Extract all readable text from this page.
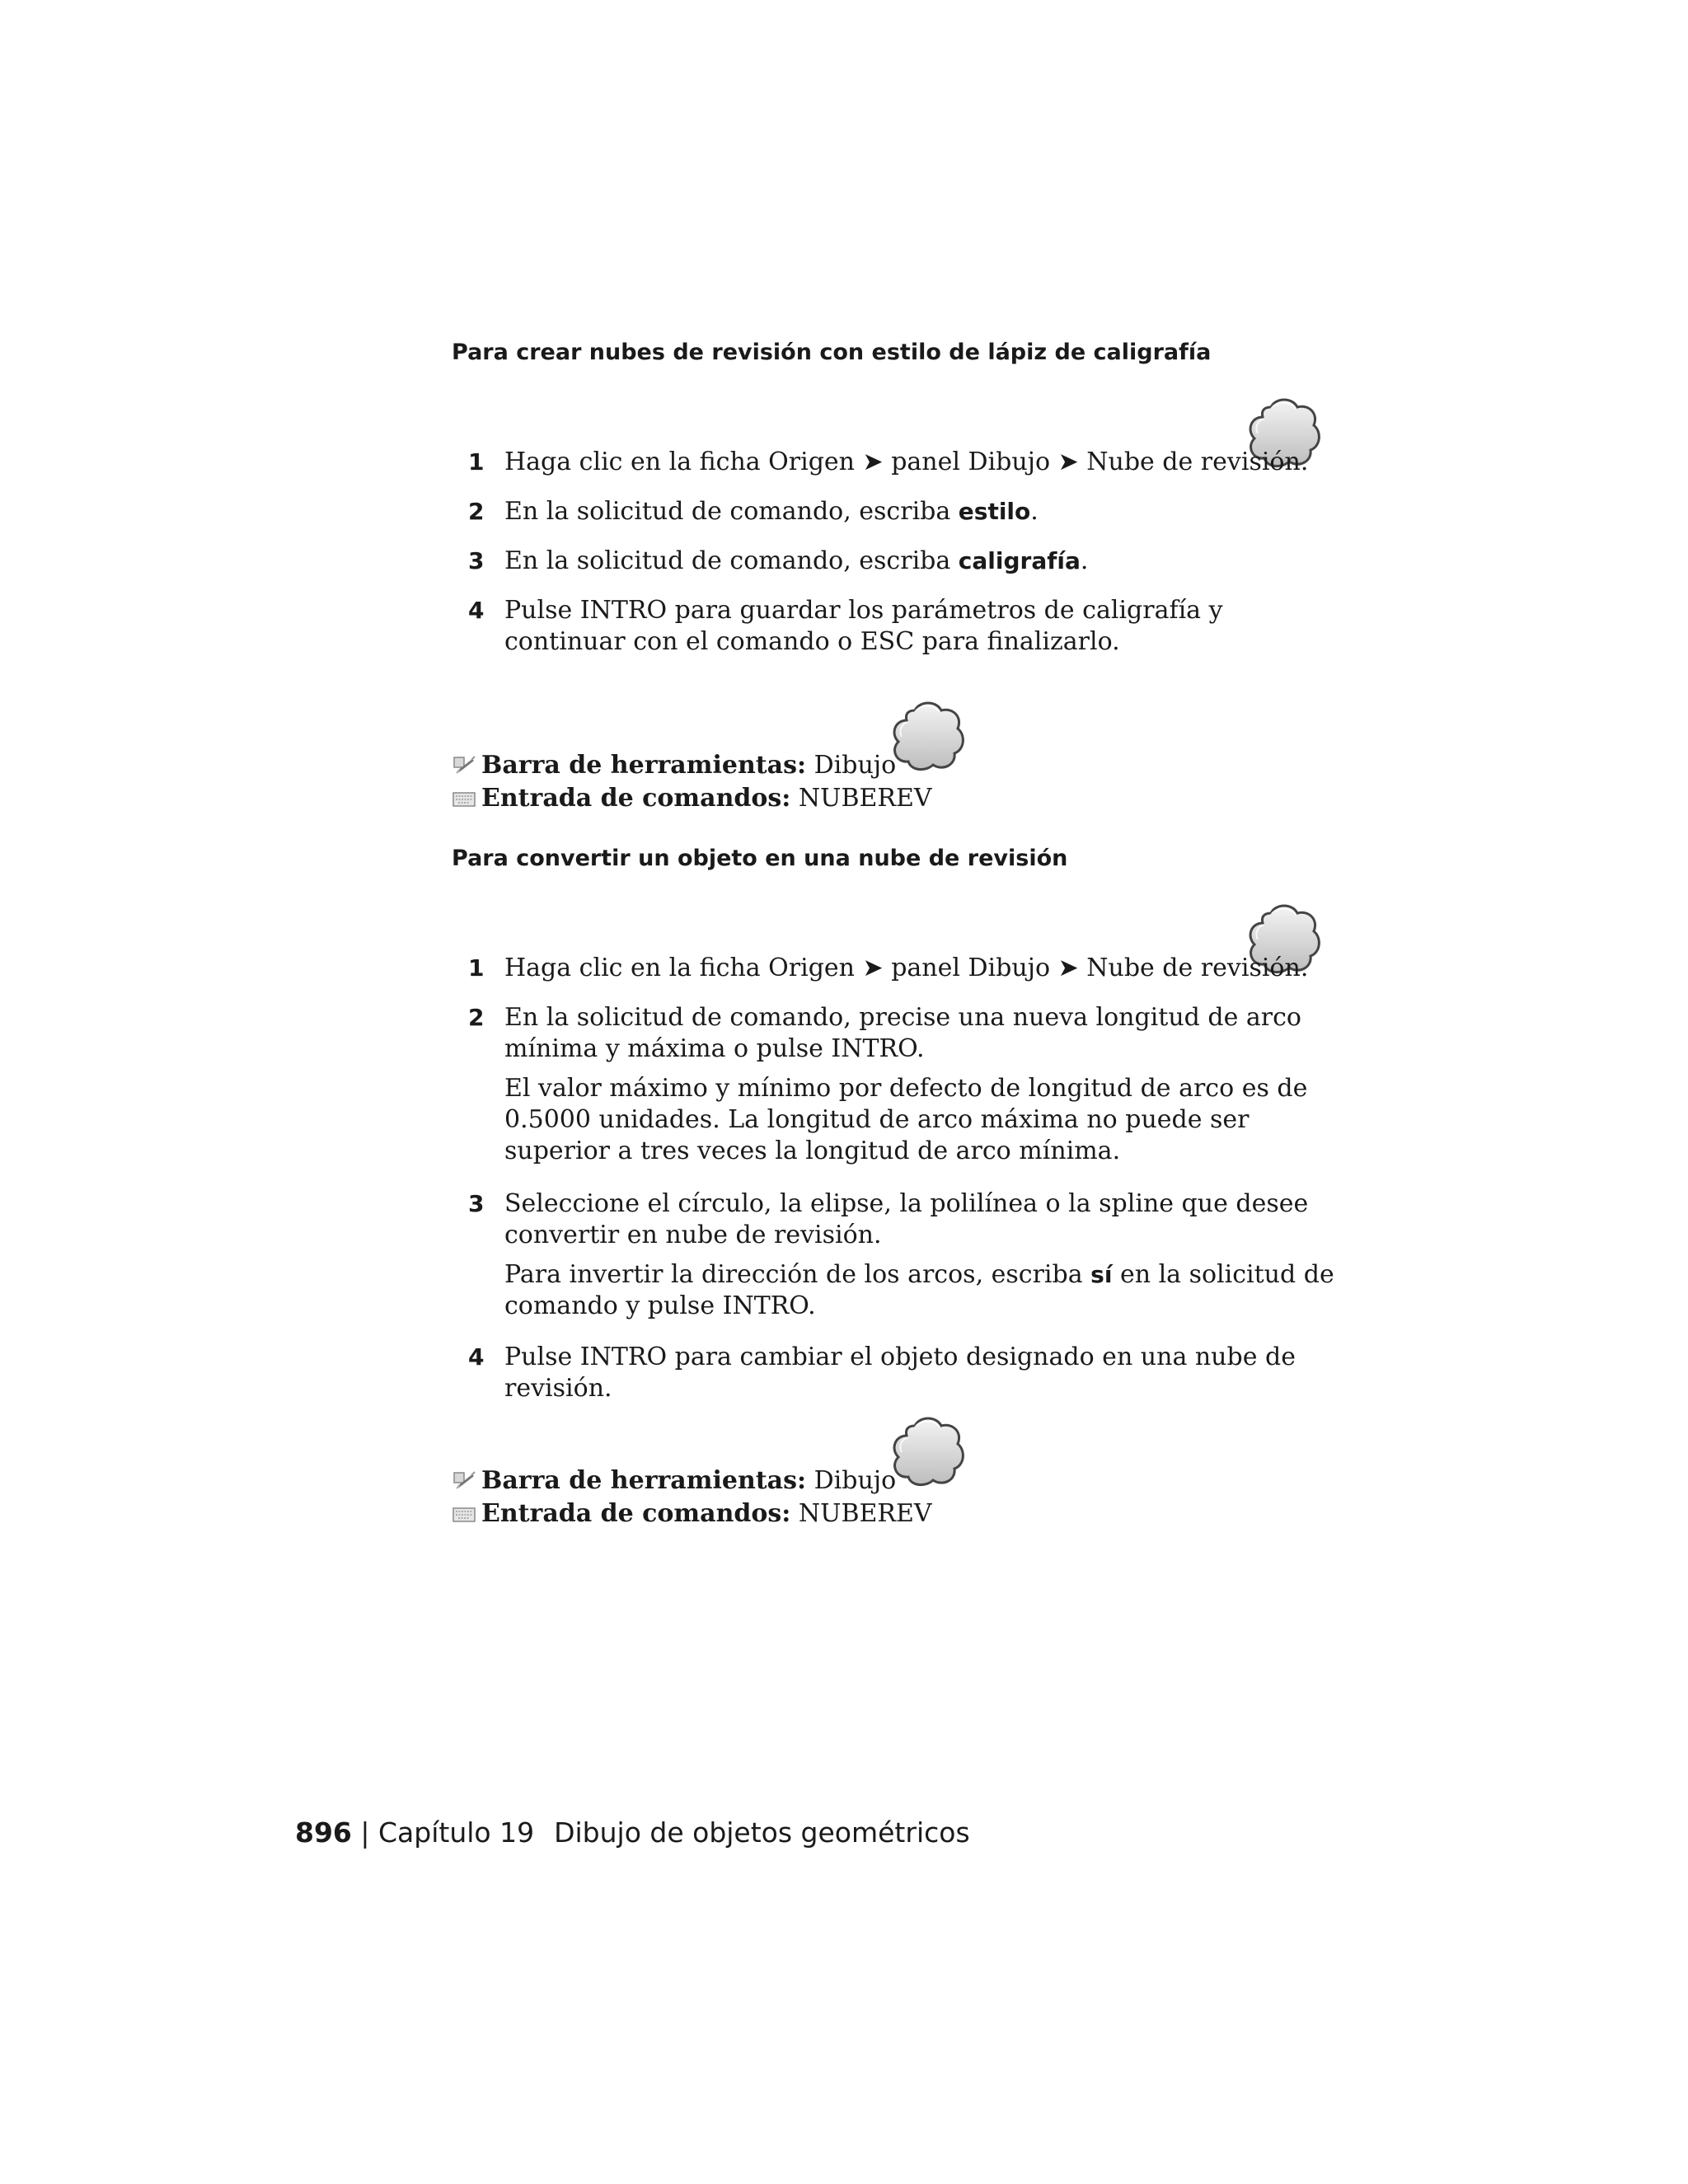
Para crear nubes de revisión con estilo de lápiz de caligrafía
1 Haga clic en la ficha Origen ➤ panel Dibujo ➤ Nube de revisión.
2 En la solicitud de comando, escriba estilo.
3 En la solicitud de comando, escriba caligrafía.
4 Pulse INTRO para guardar los parámetros de caligrafía y continuar con el comando o ESC para finalizarlo.
Barra de herramientas: Dibujo
Entrada de comandos: NUBEREV
Para convertir un objeto en una nube de revisión
1 Haga clic en la ficha Origen ➤ panel Dibujo ➤ Nube de revisión.
2 En la solicitud de comando, precise una nueva longitud de arco mínima y máxima o pulse INTRO.
El valor máximo y mínimo por defecto de longitud de arco es de 0.5000 unidades. La longitud de arco máxima no puede ser superior a tres veces la longitud de arco mínima.
3 Seleccione el círculo, la elipse, la polilínea o la spline que desee convertir en nube de revisión.
Para invertir la dirección de los arcos, escriba sí en la solicitud de comando y pulse INTRO.
4 Pulse INTRO para cambiar el objeto designado en una nube de revisión.
Barra de herramientas: Dibujo
Entrada de comandos: NUBEREV
896 | Capítulo 19 Dibujo de objetos geométricos
